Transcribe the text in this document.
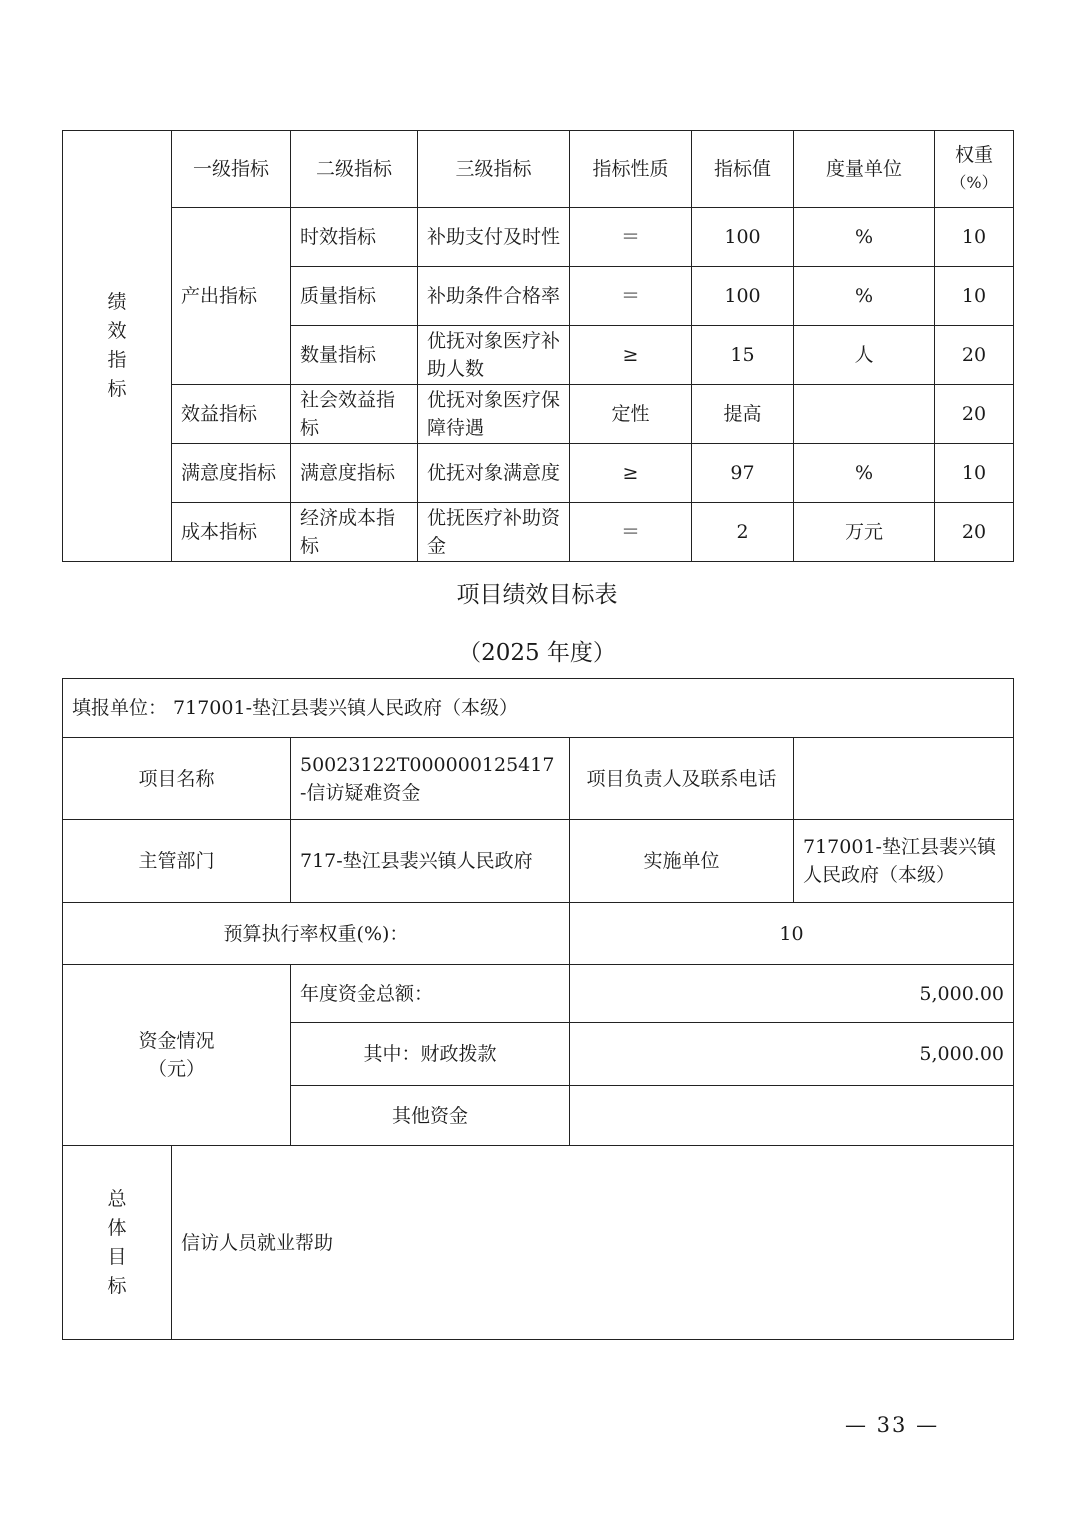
绩
效
指
标	一级指标	二级指标	三级指标	指标性质	指标值	度量单位	权重
（%）

	产出指标	时效指标	补助支付及时性	＝	100	%	10
		质量指标	补助条件合格率	＝	100	%	10
		数量指标	优抚对象医疗补助人数	≥	15	人	20
	效益指标	社会效益指标	优抚对象医疗保障待遇	定性	提高		20
	满意度指标	满意度指标	优抚对象满意度	≥	97	%	10
	成本指标	经济成本指标	优抚医疗补助资金	＝	2	万元	20
项目绩效目标表
（2025 年度）
填报单位： 717001-垫江县裴兴镇人民政府（本级）				
项目名称		50023122T000000125417-信访疑难资金	项目负责人及联系电话	
主管部门		717-垫江县裴兴镇人民政府	实施单位	717001-垫江县裴兴镇人民政府（本级）
预算执行率权重(%)：			10	

资金情况
（元）		年度资金总额：	5,000.00	
		其中：财政拨款	5,000.00	
		其他资金		

总
体
目
标	信访人员就业帮助			
— 33 —
